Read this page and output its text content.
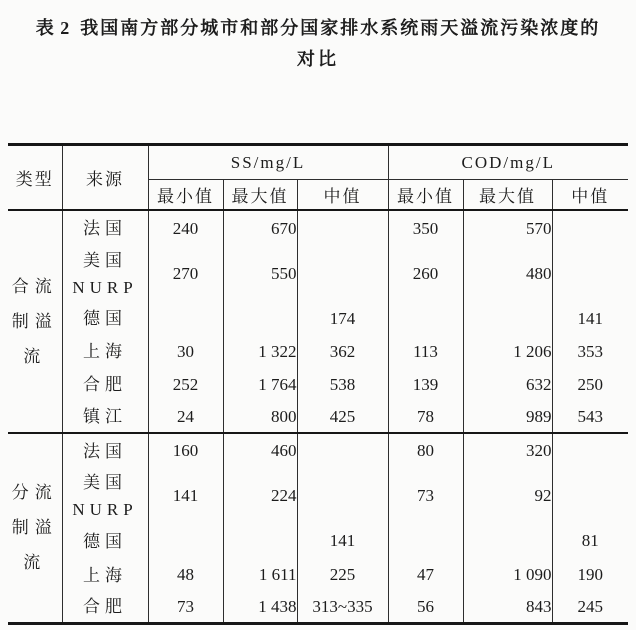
表 2 我国南方部分城市和部分国家排水系统雨天溢流污染浓度的
对比
类型	来源	SS/mg/L			COD/mg/L		
		最小值	最大值	中值	最小值	最大值	中值
合流制溢流	法国	240	670		350	570	
	美国NURP	270	550		260	480	
	德国			174			141
	上海	30	1 322	362	113	1 206	353
	合肥	252	1 764	538	139	632	250
	镇江	24	800	425	78	989	543
分流制溢流	法国	160	460		80	320	
	美国NURP	141	224		73	92	
	德国			141			81
	上海	48	1 611	225	47	1 090	190
	合肥	73	1 438	313~335	56	843	245
